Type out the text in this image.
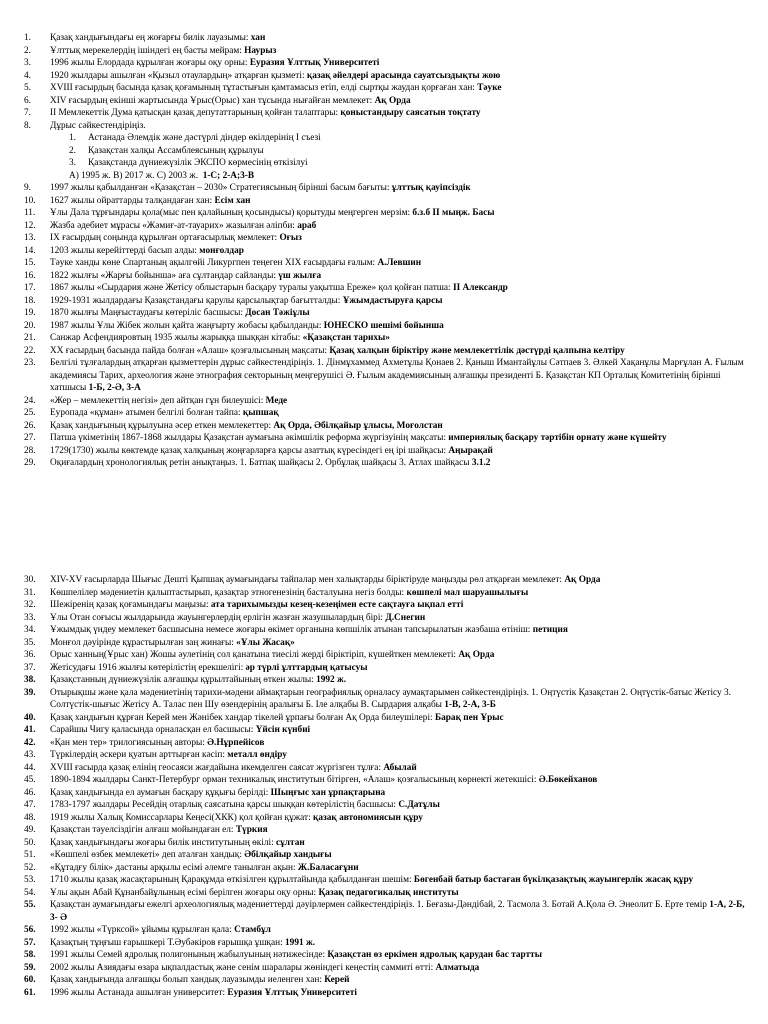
1.	Қазақ хандығындағы ең жоғарғы билік лауазымы: хан
2.	Ұлттық мерекелердің ішіндегі ең басты мейрам: Наурыз
3.	1996 жылы Елордада құрылған жоғары оқу орны: Еуразия Ұлттық Университеті
4.	1920 жылдары ашылған «Қызыл отаулардың» атқарған қызметі: қазақ әйелдері арасында сауатсыздықты жою
5.	XVIII ғасырдың басында қазақ қоғамының тұтастығын қамтамасыз етіп, елді сыртқы жаудан қорғаған хан: Тәуке
6.	XIV ғасырдың екінші жартысында Ұрыс(Орыс) хан тұсында нығайған мемлекет: Ақ Орда
7.	II Мемлекеттік Дума қатысқан қазақ депутаттарының қойған талаптары: қоныстандыру саясатын тоқтату
8.	Дұрыс сәйкестендіріңіз.
1. Астанада Әлемдік және дәстүрлі діндер өкілдерінің I съезі
2. Қазақстан халқы Ассамблеясының құрылуы
3. Қазақстанда дүниежүзілік ЭКСПО көрмесінің өткізілуі
А) 1995 ж. В) 2017 ж. С) 2003 ж. 1-С; 2-А;3-В
9.	1997 жылы қабылданған «Қазақстан – 2030» Стратегиясының бірінші басым бағыты: ұлттық қауіпсіздік
10.	1627 жылы ойраттарды талқандаған хан: Есім хан
11.	Ұлы Дала тұрғындары қола(мыс пен қалайының қосындысы) қорытуды меңгерген мерзім: б.з.б II мыңж. Басы
12.	Жазба әдебиет мұрасы «Жәмиғ-ат-тауарих» жазылған әліпби: араб
13.	IX ғасырдың соңында құрылған ортағасырлық мемлекет: Оғыз
14.	1203 жылы керейіттерді басып алды: монғолдар
15.	Тәуке ханды көне Спартаның ақылгөйі Ликургпен теңеген XIX ғасырдағы ғалым: А.Левшин
16.	1822 жылғы «Жарғы бойынша» аға сұлтандар сайланды: үш жылға
17.	1867 жылы «Сырдария және Жетісу облыстарын басқару туралы уақытша Ереже» қол қойған патша: II Александр
18.	1929-1931 жылдардағы Қазақстандағы қарулы қарсылықтар бағытталды: Ұжымдастыруға қарсы
19.	1870 жылғы Маңғыстаудағы көтеріліс басшысы: Досан Тәжіұлы
20.	1987 жылы Ұлы Жібек жолын қайта жаңғырту жобасы қабылданды: ЮНЕСКО шешімі бойынша
21.	Санжар Асфендияровтың 1935 жылы жарыққа шыққан кітабы: «Қазақстан тарихы»
22.	XX ғасырдың басында пайда болған «Алаш» қозғалысының мақсаты: Қазақ халқын біріктіру және мемлекеттілік дәстүрді қалпына келтіру
23.	Белгілі тұлғалардың атқарған қызметтерін дұрыс сәйкестендіріңіз. 1. Дінмұхаммед Ахметұлы Қонаев 2. Қаныш Имантайұлы Сәтпаев 3. Әлкей Хақанұлы Марғұлан А. Ғылым академиясы Тарих, археология және этнография секторының меңгерушісі Ә. Ғылым академиясының алғашқы президенті Б. Қазақстан КП Орталық Комитетінің бірінші хатшысы 1-Б, 2-Ә, 3-А
24.	«Жер – мемлекеттің негізі» деп айтқан гұн билеушісі: Меде
25.	Еуропада «құман» атымен белгілі болған тайпа: қыпшақ
26.	Қазақ хандығының құрылуына әсер еткен мемлекеттер: Ақ Орда, Әбілқайыр ұлысы, Моғолстан
27.	Патша үкіметінің 1867-1868 жылдары Қазақстан аумағына әкімшілік реформа жүргізуінің мақсаты: империялық басқару тәртібін орнату және күшейту
28.	1729(1730) жылы көктемде қазақ халқының жоңғарларға қарсы азаттық күресіндегі ең ірі шайқасы: Аңырақай
29.	Оқиғалардың хронологиялық ретін анықтаңыз. 1. Батпақ шайқасы 2. Орбұлақ шайқасы 3. Атлах шайқасы 3.1.2
30.	XIV-XV ғасырларда Шығыс Дешті Қыпшақ аумағындағы тайпалар мен халықтарды біріктіруде маңызды рөл атқарған мемлекет: Ақ Орда
31.	Көшпелілер мәдениетін қалыптастырып, қазақтар этногенезінің басталуына негіз болды: көшпелі мал шаруашылығы
32.	Шежіренің қазақ қоғамындағы маңызы: ата тарихымызды кезең-кезеңімен есте сақтауға ықпал етті
33.	Ұлы Отан соғысы жылдарында жауынгерлердің ерлігін жазған жазушылардың бірі: Д.Снегин
34.	Ұжымдық үндеу мемлекет басшысына немесе жоғары өкімет органына көпшілік атынан тапсырылатын жазбаша өтініш: петиция
35.	Монғол дәуірінде құрастырылған заң жинағы: «Ұлы Жасақ»
36.	Орыс ханның(Ұрыс хан) Жошы әулетінің сол қанатына тиесілі жерді біріктіріп, күшейткен мемлекеті: Ақ Орда
37.	Жетісудағы 1916 жылғы көтерілістің ерекшелігі: әр түрлі ұлттардың қатысуы
38.	Қазақстанның дүниежүзілік алғашқы құрылтайының өткен жылы: 1992 ж.
39.	Отырықшы және қала мәдениетінің тарихи-мәдени аймақтарын географиялық орналасу аумақтарымен сәйкестендіріңіз. 1. Оңтүстік Қазақстан 2. Оңтүстік-батыс Жетісу 3. Солтүстік-шығыс Жетісу А. Талас пен Шу өзендерінің аралығы Б. Іле алқабы В. Сырдария алқабы 1-В, 2-А, 3-Б
40.	Қазақ хандығын құрған Керей мен Жәнібек хандар тікелей ұрпағы болған Ақ Орда билеушілері: Барақ пен Ұрыс
41.	Сарайшы Чигу қаласында орналасқан ел басшысы: Үйсін күнбиі
42.	«Қан мен тер» трилогиясының авторы: Ә.Нұрпейісов
43.	Түркілердің әскери қуатын арттырған кәсіп: металл өндіру
44.	XVIII ғасырда қазақ елінің геосаяси жағдайына икемделген саясат жүргізген тұлға: Абылай
45.	1890-1894 жылдары Санкт-Петербург орман техникалық институтын бітірген, «Алаш» қозғалысының көрнекті жетекшісі: Ә.Бөкейханов
46.	Қазақ хандығында ел аумағын басқару құқығы берілді: Шыңғыс хан ұрпақтарына
47.	1783-1797 жылдары Ресейдің отарлық саясатына қарсы шыққан көтерілістің басшысы: С.Датұлы
48.	1919 жылы Халық Комиссарлары Кеңесі(ХКК) қол қойған құжат: қазақ автономиясын құру
49.	Қазақстан тәуелсіздігін алғаш мойындаған ел: Түркия
50.	Қазақ хандығындағы жоғары билік институтының өкілі: сұлтан
51.	«Көшпелі өзбек мемлекеті» деп аталған хандық: Әбілқайыр хандығы
52.	«Құтадғу білік» дастаны арқылы есімі әлемге танылған ақын: Ж.Баласағұни
53.	1710 жылы қазақ жасақтарының Қарақұмда өткізілген құрылтайында қабылданған шешім: Бөгенбай батыр бастаған бүкілқазақтық жауынгерлік жасақ құру
54.	Ұлы ақын Абай Құнанбайұлының есімі берілген жоғары оқу орны: Қазақ педагогикалық институты
55.	Қазақстан аумағындағы ежелгі археологиялық мәдениеттерді дәуірлермен сәйкестендіріңіз. 1. Беғазы-Дәндібай, 2. Тасмола 3. Ботай А.Қола Ә. Энеолит Б. Ерте темір 1-А, 2-Б, 3- Ә
56.	1992 жылы «Түрксой» ұйымы құрылған қала: Стамбұл
57.	Қазақтың тұңғыш ғарышкері Т.Әубәкіров ғарышқа ұшқан: 1991 ж.
58.	1991 жылы Семей ядролық полигонының жабылуының нәтижесінде: Қазақстан өз еркімен ядролық қарудан бас тартты
59.	2002 жылы Азиядағы өзара ықпалдастық және сенім шаралары жөніндегі кеңестің саммиті өтті: Алматыда
60.	Қазақ хандығында алғашқы болып хандық лауазымды иеленген хан: Керей
61.	1996 жылы Астанада ашылған университет: Еуразия Ұлттық Университеті
